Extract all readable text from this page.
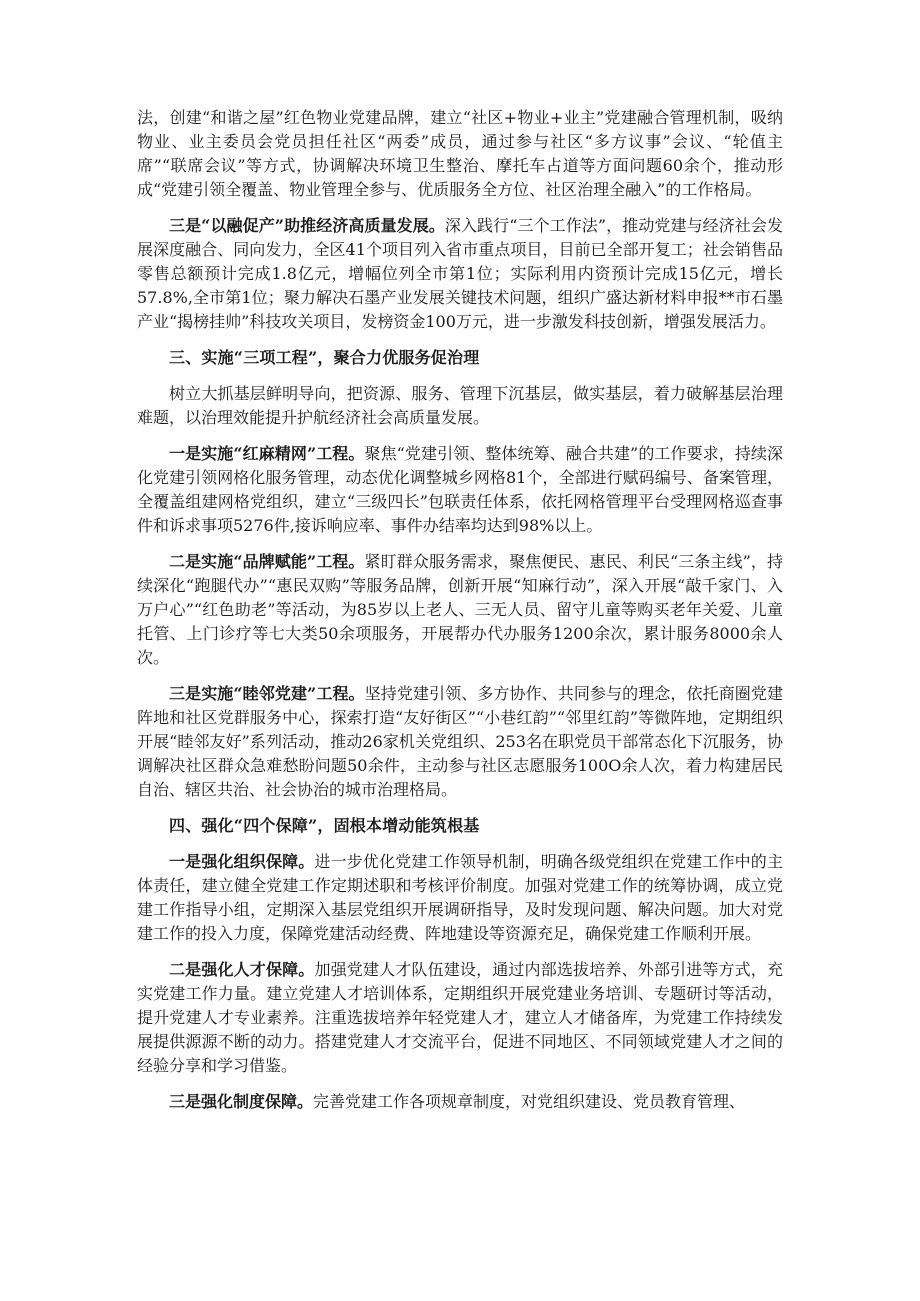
法，创建“和谐之屋”红色物业党建品牌，建立“社区+物业+业主”党建融合管理机制，吸纳物业、业主委员会党员担任社区“两委”成员，通过参与社区“多方议事”会议、“轮值主席”“联席会议”等方式，协调解决环境卫生整治、摩托车占道等方面问题60余个，推动形成“党建引领全覆盖、物业管理全参与、优质服务全方位、社区治理全融入”的工作格局。

三是“以融促产”助推经济高质量发展。深入践行“三个工作法”，推动党建与经济社会发展深度融合、同向发力，全区41个项目列入省市重点项目，目前已全部开复工；社会销售品零售总额预计完成1.8亿元，增幅位列全市第1位；实际利用内资预计完成15亿元，增长57.8%,全市第1位；聚力解决石墨产业发展关键技术问题，组织广盛达新材料申报**市石墨产业“揭榜挂帅”科技攻关项目，发榜资金100万元，进一步激发科技创新，增强发展活力。

三、实施“三项工程”，聚合力优服务促治理

树立大抓基层鲜明导向，把资源、服务、管理下沉基层，做实基层，着力破解基层治理难题，以治理效能提升护航经济社会高质量发展。

一是实施“红麻精网”工程。聚焦“党建引领、整体统筹、融合共建”的工作要求，持续深化党建引领网格化服务管理，动态优化调整城乡网格81个，全部进行赋码编号、备案管理，全覆盖组建网格党组织，建立“三级四长”包联责任体系，依托网格管理平台受理网格巡查事件和诉求事项5276件,接诉响应率、事件办结率均达到98%以上。

二是实施“品牌赋能”工程。紧盯群众服务需求，聚焦便民、惠民、利民“三条主线”，持续深化“跑腿代办”“惠民双购”等服务品牌，创新开展“知麻行动”，深入开展“敲千家门、入万户心”“红色助老”等活动，为85岁以上老人、三无人员、留守儿童等购买老年关爱、儿童托管、上门诊疗等七大类50余项服务，开展帮办代办服务1200余次，累计服务8000余人次。

三是实施“睦邻党建”工程。坚持党建引领、多方协作、共同参与的理念，依托商圈党建阵地和社区党群服务中心，探索打造“友好街区”“小巷红韵”“邻里红韵”等微阵地，定期组织开展“睦邻友好”系列活动，推动26家机关党组织、253名在职党员干部常态化下沉服务，协调解决社区群众急难愁盼问题50余件，主动参与社区志愿服务100O余人次，着力构建居民自治、辖区共治、社会协治的城市治理格局。

四、强化“四个保障”，固根本增动能筑根基

一是强化组织保障。进一步优化党建工作领导机制，明确各级党组织在党建工作中的主体责任，建立健全党建工作定期述职和考核评价制度。加强对党建工作的统筹协调，成立党建工作指导小组，定期深入基层党组织开展调研指导，及时发现问题、解决问题。加大对党建工作的投入力度，保障党建活动经费、阵地建设等资源充足，确保党建工作顺利开展。

二是强化人才保障。加强党建人才队伍建设，通过内部选拔培养、外部引进等方式，充实党建工作力量。建立党建人才培训体系，定期组织开展党建业务培训、专题研讨等活动，提升党建人才专业素养。注重选拔培养年轻党建人才，建立人才储备库，为党建工作持续发展提供源源不断的动力。搭建党建人才交流平台，促进不同地区、不同领域党建人才之间的经验分享和学习借鉴。

三是强化制度保障。完善党建工作各项规章制度，对党组织建设、党员教育管理、
